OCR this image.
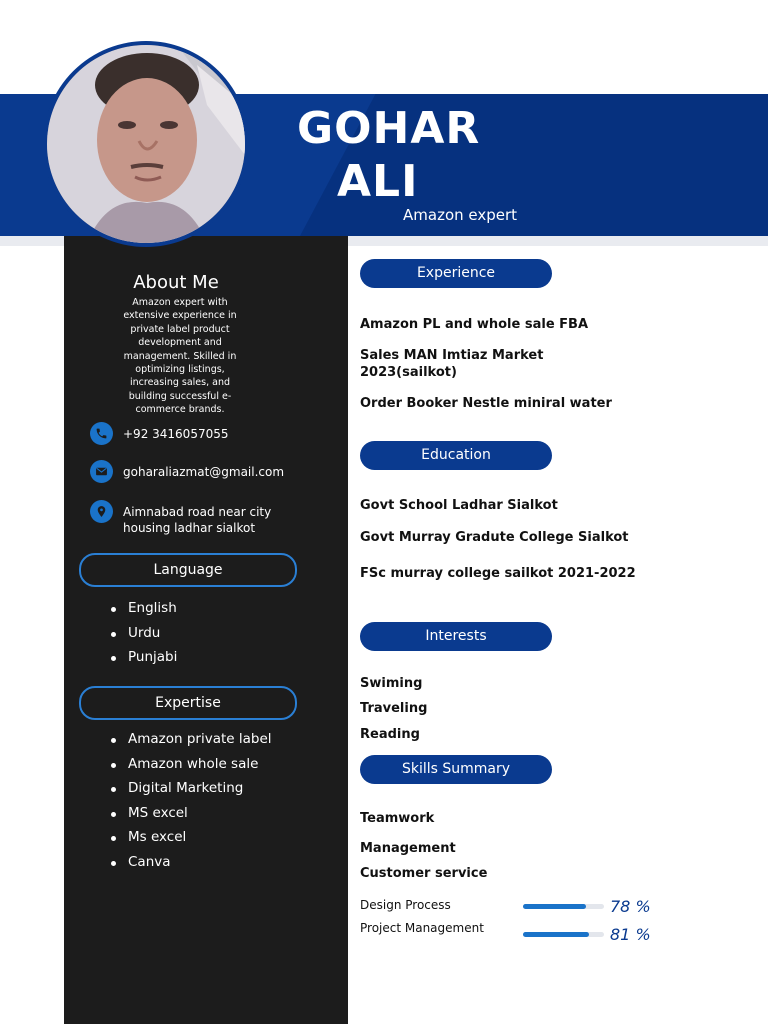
GOHAR
ALI
Amazon expert
About Me
Amazon expert with extensive experience in private label product development and management. Skilled in optimizing listings, increasing sales, and building successful e-commerce brands.
+92 3416057055
goharaliazmat@gmail.com
Aimnabad road near city
housing ladhar sialkot
Language
English
Urdu
Punjabi
Expertise
Amazon private label
Amazon whole sale
Digital Marketing
MS excel
Ms excel
Canva
Experience
Amazon PL and whole sale FBA
Sales MAN Imtiaz Market
2023(sailkot)
Order Booker Nestle miniral water
Education
Govt School Ladhar Sialkot
Govt Murray Gradute College Sialkot
FSc murray college sailkot 2021-2022
Interests
Swiming
Traveling
Reading
Skills Summary
Teamwork
Management
Customer service
Design Process	78 %
Project Management	81 %
